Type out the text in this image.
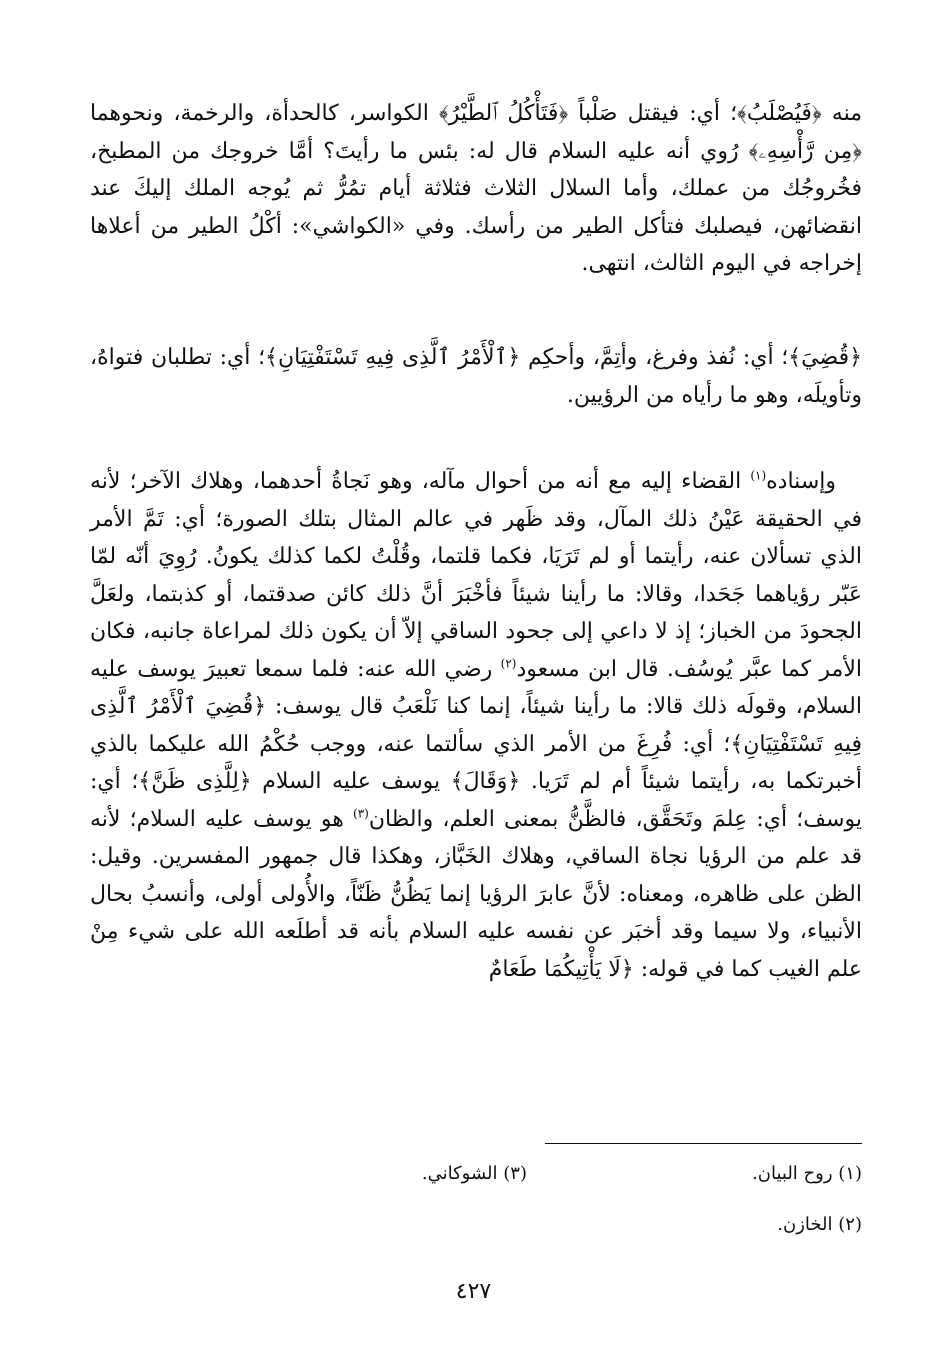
منه ﴿فَيُصْلَبُ﴾؛ أي: فيقتل صَلْباً ﴿فَتَأْكُلُ ٱلطَّيْرُ﴾ الكواسر، كالحدأة، والرخمة، ونحوهما ﴿مِن رَّأْسِهِۦ﴾ رُوي أنه عليه السلام قال له: بئس ما رأيتَ؟ أمَّا خروجك من المطبخ، فخُروجُك من عملك، وأما السلال الثلاث فثلاثة أيام تمُرُّ ثم يُوجه الملك إليكَ عند انقضائهن، فيصلبك فتأكل الطير من رأسك. وفي «الكواشي»: أكْلُ الطير من أعلاها إخراجه في اليوم الثالث، انتهى.

﴿قُضِيَ﴾؛ أي: نُفذ وفرغ، وأتِمَّ، وأحكِم ﴿ٱلْأَمْرُ ٱلَّذِى فِيهِ تَسْتَفْتِيَانِ﴾؛ أي: تطلبان فتواهُ، وتأويلَه، وهو ما رأياه من الرؤيين.

وإسناده$^{(١)}$ القضاء إليه مع أنه من أحوال مآله، وهو نَجاةُ أحدهما، وهلاك الآخر؛ لأنه في الحقيقة عَيْنُ ذلك المآل، وقد ظَهر في عالم المثال بتلك الصورة؛ أي: تَمَّ الأمر الذي تسألان عنه، رأيتما أو لم تَرَيَا، فكما قلتما، وقُلْتُ لكما كذلك يكونُ. رُوِيَ أنّه لمّا عَبّر رؤياهما جَحَدا، وقالا: ما رأينا شيئاً فأخْبَرَ أنَّ ذلك كائن صدقتما، أو كذبتما، ولعَلَّ الجحودَ من الخباز؛ إذ لا داعي إلى جحود الساقي إلاّ أن يكون ذلك لمراعاة جانبه، فكان الأمر كما عبَّر يُوسُف. قال ابن مسعود$^{(٢)}$ رضي الله عنه: فلما سمعا تعبيرَ يوسف عليه السلام، وقولَه ذلك قالا: ما رأينا شيئاً، إنما كنا نَلْعَبُ قال يوسف: ﴿قُضِيَ ٱلْأَمْرُ ٱلَّذِى فِيهِ تَسْتَفْتِيَانِ﴾؛ أي: فُرِغَ من الأمر الذي سألتما عنه، ووجب حُكْمُ الله عليكما بالذي أخبرتكما به، رأيتما شيئاً أم لم تَرَيا. ﴿وَقَالَ﴾ يوسف عليه السلام ﴿لِلَّذِى ظَنَّ﴾؛ أي: يوسف؛ أي: عِلمَ وتَحَقَّق، فالظَّنُّ بمعنى العلم، والظان$^{(٣)}$ هو يوسف عليه السلام؛ لأنه قد علم من الرؤيا نجاة الساقي، وهلاك الخَبَّاز، وهكذا قال جمهور المفسرين. وقيل: الظن على ظاهره، ومعناه: لأنَّ عابرَ الرؤيا إنما يَظُنُّ ظَنّاً، والأُولى أولى، وأنسبُ بحال الأنبياء، ولا سيما وقد أخبَر عن نفسه عليه السلام بأنه قد أطلَعه الله على شيء مِنْ علم الغيب كما في قوله: ﴿لَا يَأْتِيكُمَا طَعَامٌ

(١) روح البيان.
(٣) الشوكاني.
(٢) الخازن.
٤٢٧
